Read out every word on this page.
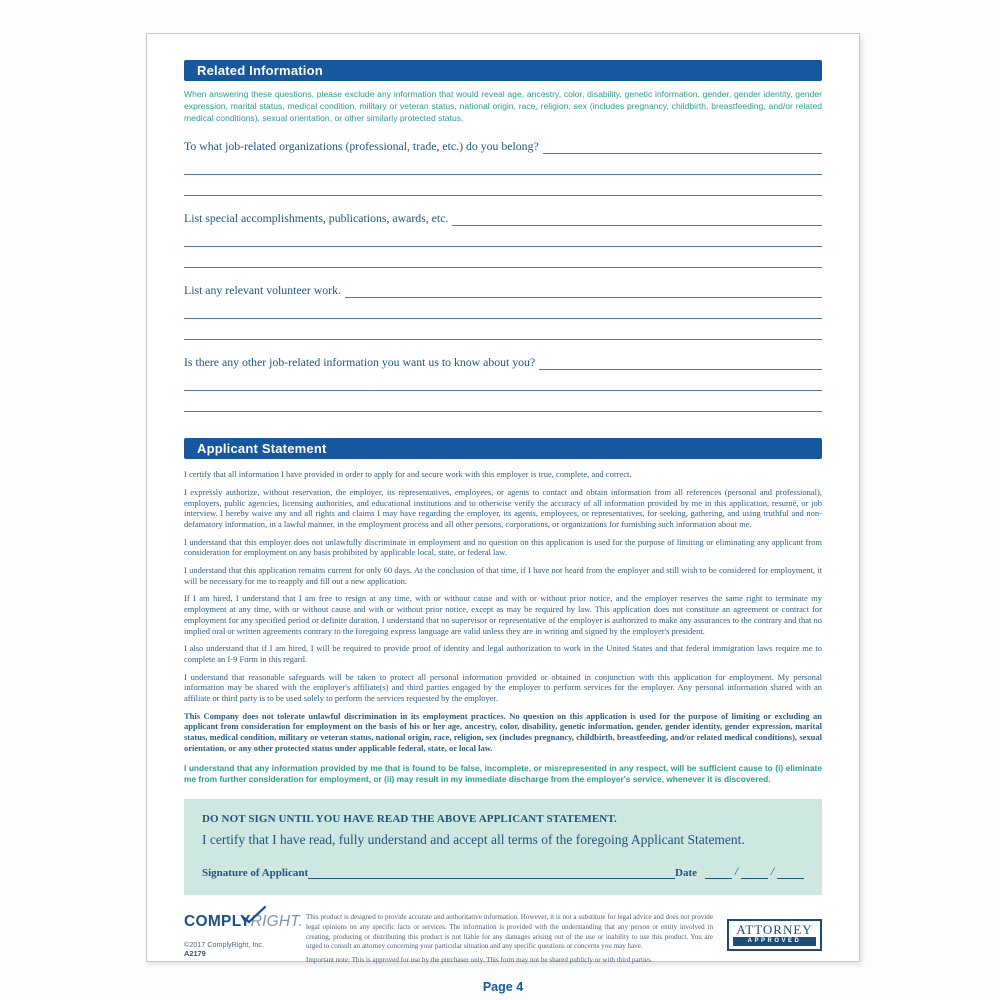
Related Information
When answering these questions, please exclude any information that would reveal age, ancestry, color, disability, genetic information, gender, gender identity, gender expression, marital status, medical condition, military or veteran status, national origin, race, religion, sex (includes pregnancy, childbirth, breastfeeding, and/or related medical conditions), sexual orientation, or other similarly protected status.
To what job-related organizations (professional, trade, etc.) do you belong?
List special accomplishments, publications, awards, etc.
List any relevant volunteer work.
Is there any other job-related information you want us to know about you?
Applicant Statement

I certify that all information I have provided in order to apply for and secure work with this employer is true, complete, and correct.

I expressly authorize, without reservation, the employer, its representatives, employees, or agents to contact and obtain information from all references (personal and professional), employers, public agencies, licensing authorities, and educational institutions and to otherwise verify the accuracy of all information provided by me in this application, resumé, or job interview. I hereby waive any and all rights and claims I may have regarding the employer, its agents, employees, or representatives, for seeking, gathering, and using truthful and non-defamatory information, in a lawful manner, in the employment process and all other persons, corporations, or organizations for furnishing such information about me.

I understand that this employer does not unlawfully discriminate in employment and no question on this application is used for the purpose of limiting or eliminating any applicant from consideration for employment on any basis prohibited by applicable local, state, or federal law.

I understand that this application remains current for only 60 days. At the conclusion of that time, if I have not heard from the employer and still wish to be considered for employment, it will be necessary for me to reapply and fill out a new application.

If I am hired, I understand that I am free to resign at any time, with or without cause and with or without prior notice, and the employer reserves the same right to terminate my employment at any time, with or without cause and with or without prior notice, except as may be required by law. This application does not constitute an agreement or contract for employment for any specified period or definite duration. I understand that no supervisor or representative of the employer is authorized to make any assurances to the contrary and that no implied oral or written agreements contrary to the foregoing express language are valid unless they are in writing and signed by the employer's president.

I also understand that if I am hired, I will be required to provide proof of identity and legal authorization to work in the United States and that federal immigration laws require me to complete an I-9 Form in this regard.

I understand that reasonable safeguards will be taken to protect all personal information provided or obtained in conjunction with this application for employment. My personal information may be shared with the employer's affiliate(s) and third parties engaged by the employer to perform services for the employer. Any personal information shared with an affiliate or third party is to be used solely to perform the services requested by the employer.

This Company does not tolerate unlawful discrimination in its employment practices. No question on this application is used for the purpose of limiting or excluding an applicant from consideration for employment on the basis of his or her age, ancestry, color, disability, genetic information, gender, gender identity, gender expression, marital status, medical condition, military or veteran status, national origin, race, religion, sex (includes pregnancy, childbirth, breastfeeding, and/or related medical conditions), sexual orientation, or any other protected status under applicable federal, state, or local law.

I understand that any information provided by me that is found to be false, incomplete, or misrepresented in any respect, will be sufficient cause to (i) eliminate me from further consideration for employment, or (ii) may result in my immediate discharge from the employer's service, whenever it is discovered.

DO NOT SIGN UNTIL YOU HAVE READ THE ABOVE APPLICANT STATEMENT.
I certify that I have read, fully understand and accept all terms of the foregoing Applicant Statement.
Signature of Applicant	Date	/	/
COMPLYRIGHT.
©2017 ComplyRight, Inc.
A2179
This product is designed to provide accurate and authoritative information. However, it is not a substitute for legal advice and does not provide legal opinions on any specific facts or services. The information is provided with the understanding that any person or entity involved in creating, producing or distributing this product is not liable for any damages arising out of the use or inability to use this product. You are urged to consult an attorney concerning your particular situation and any specific questions or concerns you may have.
Important note: This is approved for use by the purchaser only. This form may not be shared publicly or with third parties.
ATTORNEY
APPROVED
Page 4
